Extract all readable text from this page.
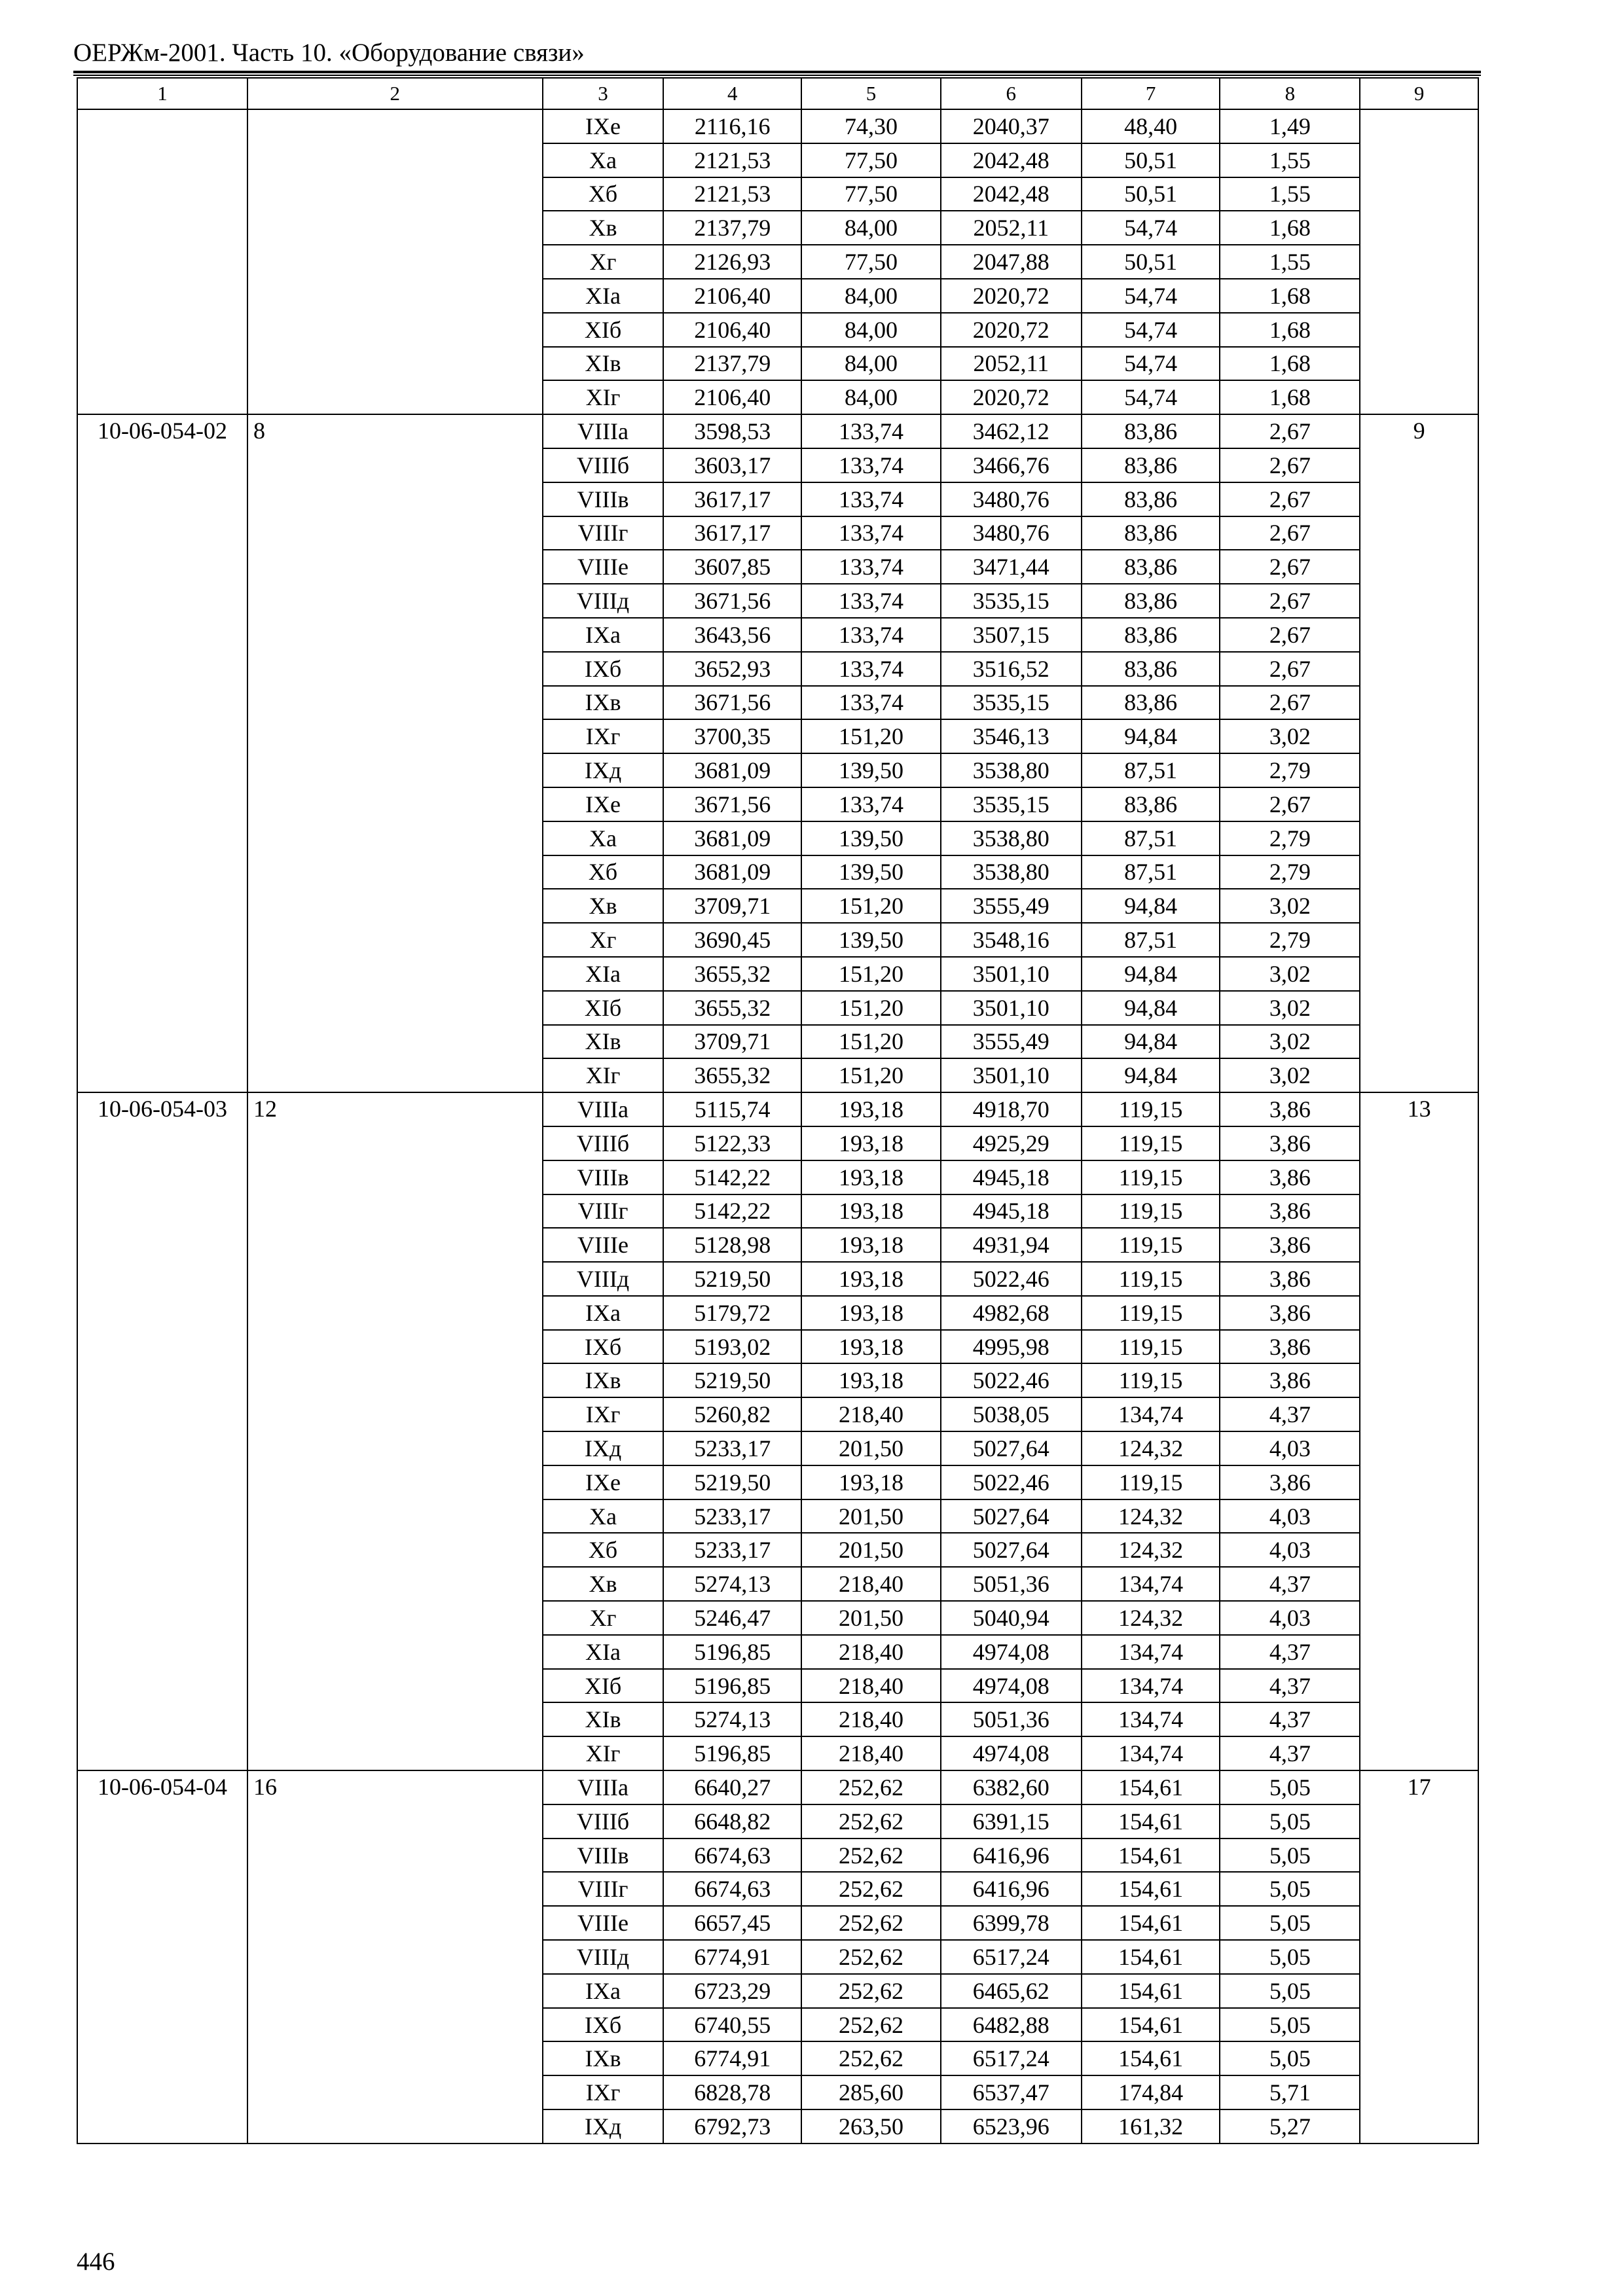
ОЕРЖм-2001. Часть 10. «Оборудование связи»
1	2	3	4	5	6	7	8	9
		IXе	2116,16	74,30	2040,37	48,40	1,49	
		Xа	2121,53	77,50	2042,48	50,51	1,55	
		Xб	2121,53	77,50	2042,48	50,51	1,55	
		Xв	2137,79	84,00	2052,11	54,74	1,68	
		Xг	2126,93	77,50	2047,88	50,51	1,55	
		XIа	2106,40	84,00	2020,72	54,74	1,68	
		XIб	2106,40	84,00	2020,72	54,74	1,68	
		XIв	2137,79	84,00	2052,11	54,74	1,68	
		XIг	2106,40	84,00	2020,72	54,74	1,68	
10-06-054-02	8	VIIIа	3598,53	133,74	3462,12	83,86	2,67	9
		VIIIб	3603,17	133,74	3466,76	83,86	2,67	
		VIIIв	3617,17	133,74	3480,76	83,86	2,67	
		VIIIг	3617,17	133,74	3480,76	83,86	2,67	
		VIIIе	3607,85	133,74	3471,44	83,86	2,67	
		VIIIд	3671,56	133,74	3535,15	83,86	2,67	
		IXа	3643,56	133,74	3507,15	83,86	2,67	
		IXб	3652,93	133,74	3516,52	83,86	2,67	
		IXв	3671,56	133,74	3535,15	83,86	2,67	
		IXг	3700,35	151,20	3546,13	94,84	3,02	
		IXд	3681,09	139,50	3538,80	87,51	2,79	
		IXе	3671,56	133,74	3535,15	83,86	2,67	
		Xа	3681,09	139,50	3538,80	87,51	2,79	
		Xб	3681,09	139,50	3538,80	87,51	2,79	
		Xв	3709,71	151,20	3555,49	94,84	3,02	
		Xг	3690,45	139,50	3548,16	87,51	2,79	
		XIа	3655,32	151,20	3501,10	94,84	3,02	
		XIб	3655,32	151,20	3501,10	94,84	3,02	
		XIв	3709,71	151,20	3555,49	94,84	3,02	
		XIг	3655,32	151,20	3501,10	94,84	3,02	
10-06-054-03	12	VIIIа	5115,74	193,18	4918,70	119,15	3,86	13
		VIIIб	5122,33	193,18	4925,29	119,15	3,86	
		VIIIв	5142,22	193,18	4945,18	119,15	3,86	
		VIIIг	5142,22	193,18	4945,18	119,15	3,86	
		VIIIе	5128,98	193,18	4931,94	119,15	3,86	
		VIIIд	5219,50	193,18	5022,46	119,15	3,86	
		IXа	5179,72	193,18	4982,68	119,15	3,86	
		IXб	5193,02	193,18	4995,98	119,15	3,86	
		IXв	5219,50	193,18	5022,46	119,15	3,86	
		IXг	5260,82	218,40	5038,05	134,74	4,37	
		IXд	5233,17	201,50	5027,64	124,32	4,03	
		IXе	5219,50	193,18	5022,46	119,15	3,86	
		Xа	5233,17	201,50	5027,64	124,32	4,03	
		Xб	5233,17	201,50	5027,64	124,32	4,03	
		Xв	5274,13	218,40	5051,36	134,74	4,37	
		Xг	5246,47	201,50	5040,94	124,32	4,03	
		XIа	5196,85	218,40	4974,08	134,74	4,37	
		XIб	5196,85	218,40	4974,08	134,74	4,37	
		XIв	5274,13	218,40	5051,36	134,74	4,37	
		XIг	5196,85	218,40	4974,08	134,74	4,37	
10-06-054-04	16	VIIIа	6640,27	252,62	6382,60	154,61	5,05	17
		VIIIб	6648,82	252,62	6391,15	154,61	5,05	
		VIIIв	6674,63	252,62	6416,96	154,61	5,05	
		VIIIг	6674,63	252,62	6416,96	154,61	5,05	
		VIIIе	6657,45	252,62	6399,78	154,61	5,05	
		VIIIд	6774,91	252,62	6517,24	154,61	5,05	
		IXа	6723,29	252,62	6465,62	154,61	5,05	
		IXб	6740,55	252,62	6482,88	154,61	5,05	
		IXв	6774,91	252,62	6517,24	154,61	5,05	
		IXг	6828,78	285,60	6537,47	174,84	5,71	
		IXд	6792,73	263,50	6523,96	161,32	5,27	
446
